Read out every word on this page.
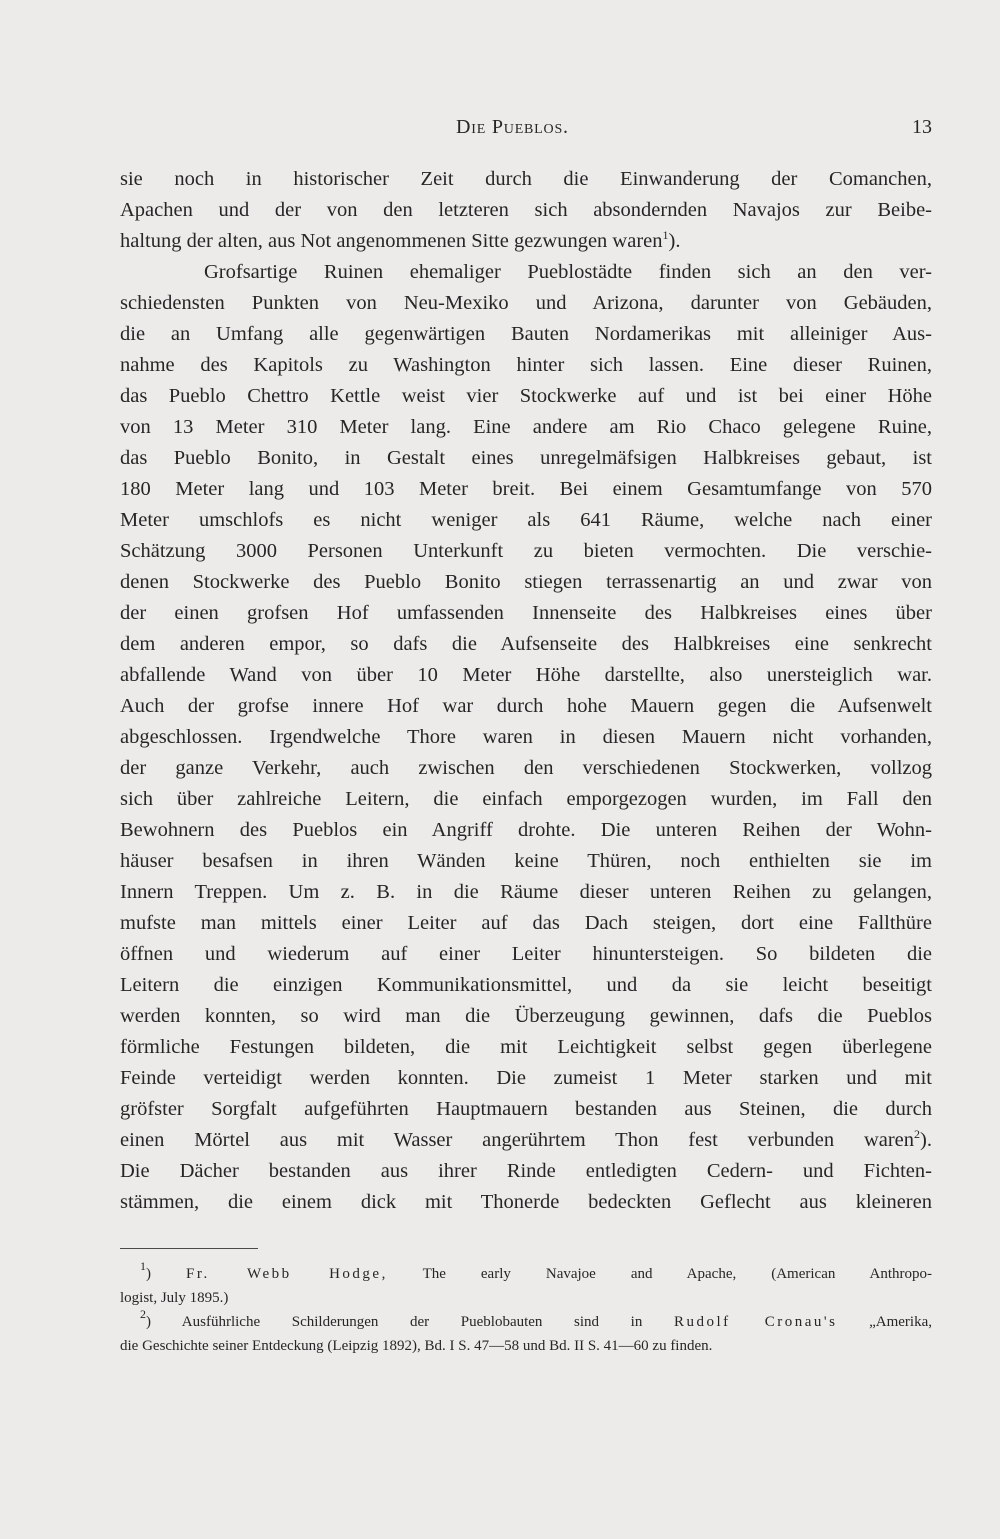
Die Pueblos.	13
sie noch in historischer Zeit durch die Einwanderung der Comanchen,
Apachen und der von den letzteren sich absondernden Navajos zur Beibe-
haltung der alten, aus Not angenommenen Sitte gezwungen waren$^1$).
Grofsartige Ruinen ehemaliger Pueblostädte finden sich an den ver-
schiedensten Punkten von Neu-Mexiko und Arizona, darunter von Gebäuden,
die an Umfang alle gegenwärtigen Bauten Nordamerikas mit alleiniger Aus-
nahme des Kapitols zu Washington hinter sich lassen. Eine dieser Ruinen,
das Pueblo Chettro Kettle weist vier Stockwerke auf und ist bei einer Höhe
von 13 Meter 310 Meter lang. Eine andere am Rio Chaco gelegene Ruine,
das Pueblo Bonito, in Gestalt eines unregelmäfsigen Halbkreises gebaut, ist
180 Meter lang und 103 Meter breit. Bei einem Gesamtumfange von 570
Meter umschlofs es nicht weniger als 641 Räume, welche nach einer
Schätzung 3000 Personen Unterkunft zu bieten vermochten. Die verschie-
denen Stockwerke des Pueblo Bonito stiegen terrassenartig an und zwar von
der einen grofsen Hof umfassenden Innenseite des Halbkreises eines über
dem anderen empor, so dafs die Aufsenseite des Halbkreises eine senkrecht
abfallende Wand von über 10 Meter Höhe darstellte, also unersteiglich war.
Auch der grofse innere Hof war durch hohe Mauern gegen die Aufsenwelt
abgeschlossen. Irgendwelche Thore waren in diesen Mauern nicht vorhanden,
der ganze Verkehr, auch zwischen den verschiedenen Stockwerken, vollzog
sich über zahlreiche Leitern, die einfach emporgezogen wurden, im Fall den
Bewohnern des Pueblos ein Angriff drohte. Die unteren Reihen der Wohn-
häuser besafsen in ihren Wänden keine Thüren, noch enthielten sie im
Innern Treppen. Um z. B. in die Räume dieser unteren Reihen zu gelangen,
mufste man mittels einer Leiter auf das Dach steigen, dort eine Fallthüre
öffnen und wiederum auf einer Leiter hinuntersteigen. So bildeten die
Leitern die einzigen Kommunikationsmittel, und da sie leicht beseitigt
werden konnten, so wird man die Überzeugung gewinnen, dafs die Pueblos
förmliche Festungen bildeten, die mit Leichtigkeit selbst gegen überlegene
Feinde verteidigt werden konnten. Die zumeist 1 Meter starken und mit
gröfster Sorgfalt aufgeführten Hauptmauern bestanden aus Steinen, die durch
einen Mörtel aus mit Wasser angerührtem Thon fest verbunden waren$^2$).
Die Dächer bestanden aus ihrer Rinde entledigten Cedern- und Fichten-
stämmen, die einem dick mit Thonerde bedeckten Geflecht aus kleineren
$^1$) Fr. Webb Hodge, The early Navajoe and Apache, (American Anthropo-
logist, July 1895.)
$^2$) Ausführliche Schilderungen der Pueblobauten sind in Rudolf Cronau's „Amerika,
die Geschichte seiner Entdeckung (Leipzig 1892), Bd. I S. 47—58 und Bd. II S. 41—60 zu finden.
